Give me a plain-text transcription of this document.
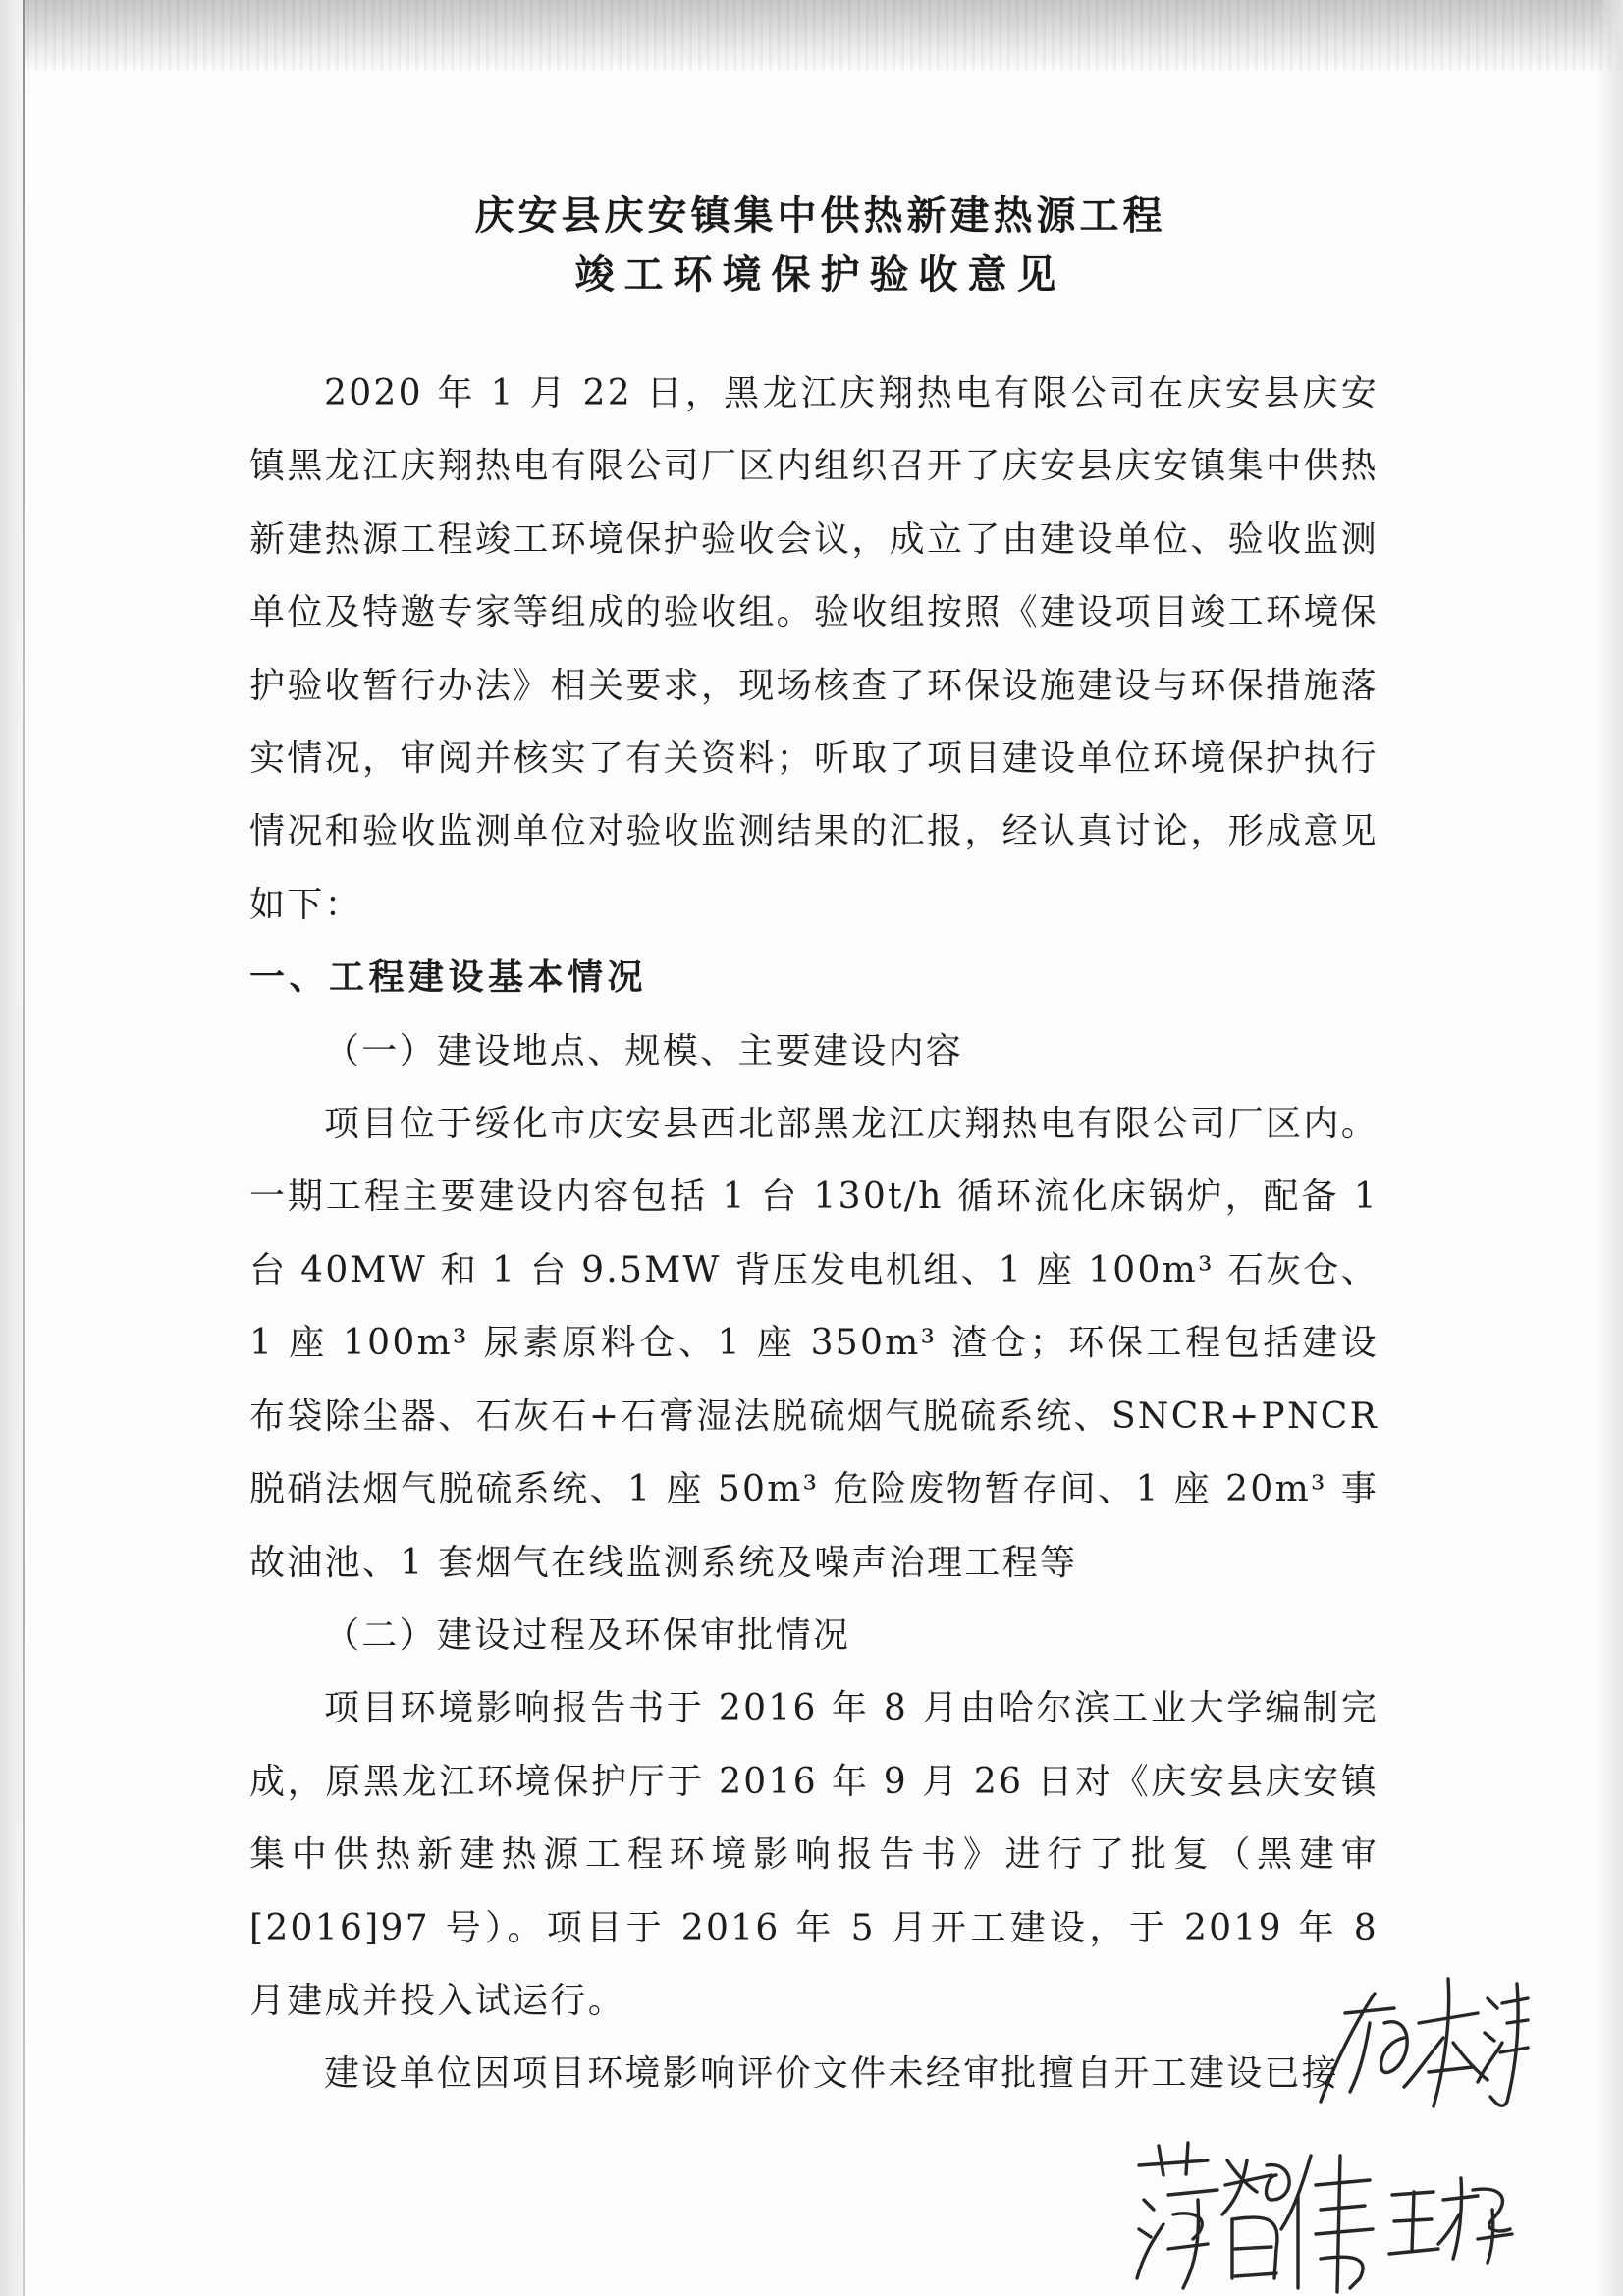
庆安县庆安镇集中供热新建热源工程
竣工环境保护验收意见

2020 年 1 月 22 日，黑龙江庆翔热电有限公司在庆安县庆安镇黑龙江庆翔热电有限公司厂区内组织召开了庆安县庆安镇集中供热新建热源工程竣工环境保护验收会议，成立了由建设单位、验收监测单位及特邀专家等组成的验收组。验收组按照《建设项目竣工环境保护验收暂行办法》相关要求，现场核查了环保设施建设与环保措施落实情况，审阅并核实了有关资料；听取了项目建设单位环境保护执行情况和验收监测单位对验收监测结果的汇报，经认真讨论，形成意见如下：

一、工程建设基本情况
（一）建设地点、规模、主要建设内容

项目位于绥化市庆安县西北部黑龙江庆翔热电有限公司厂区内。一期工程主要建设内容包括 1 台 130t/h 循环流化床锅炉，配备 1 台 40MW 和 1 台 9.5MW 背压发电机组、1 座 100m³ 石灰仓、1 座 100m³ 尿素原料仓、1 座 350m³ 渣仓；环保工程包括建设布袋除尘器、石灰石+石膏湿法脱硫烟气脱硫系统、SNCR+PNCR 脱硝法烟气脱硫系统、1 座 50m³ 危险废物暂存间、1 座 20m³ 事故油池、1 套烟气在线监测系统及噪声治理工程等

（二）建设过程及环保审批情况

项目环境影响报告书于 2016 年 8 月由哈尔滨工业大学编制完成，原黑龙江环境保护厅于 2016 年 9 月 26 日对《庆安县庆安镇集中供热新建热源工程环境影响报告书》进行了批复（黑建审[2016]97 号）。项目于 2016 年 5 月开工建设，于 2019 年 8 月建成并投入试运行。

建设单位因项目环境影响评价文件未经审批擅自开工建设已接
